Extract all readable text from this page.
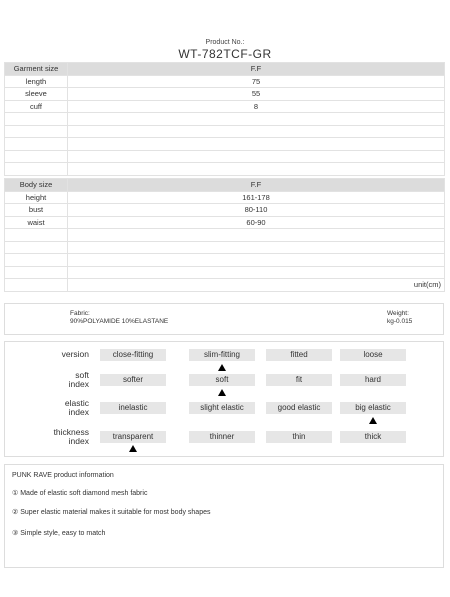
Product No.:
WT-782TCF-GR
Garment size	F.F
length	75
sleeve	55
cuff	8

Body size	F.F
height	161-178
bust	80-110
waist	60-90

	unit(cm)
Fabric:
90%POLYAMIDE 10%ELASTANE
Weight:
kg-0.015
version	close-fitting	slim-fitting	fitted	loose
soft
index	softer	soft	fit	hard
elastic
index	inelastic	slight elastic	good elastic	big elastic
thickness
index	transparent	thinner	thin	thick
PUNK RAVE product information
① Made of elastic soft diamond mesh fabric
② Super elastic material makes it suitable for most body shapes
③ Simple style, easy to match
